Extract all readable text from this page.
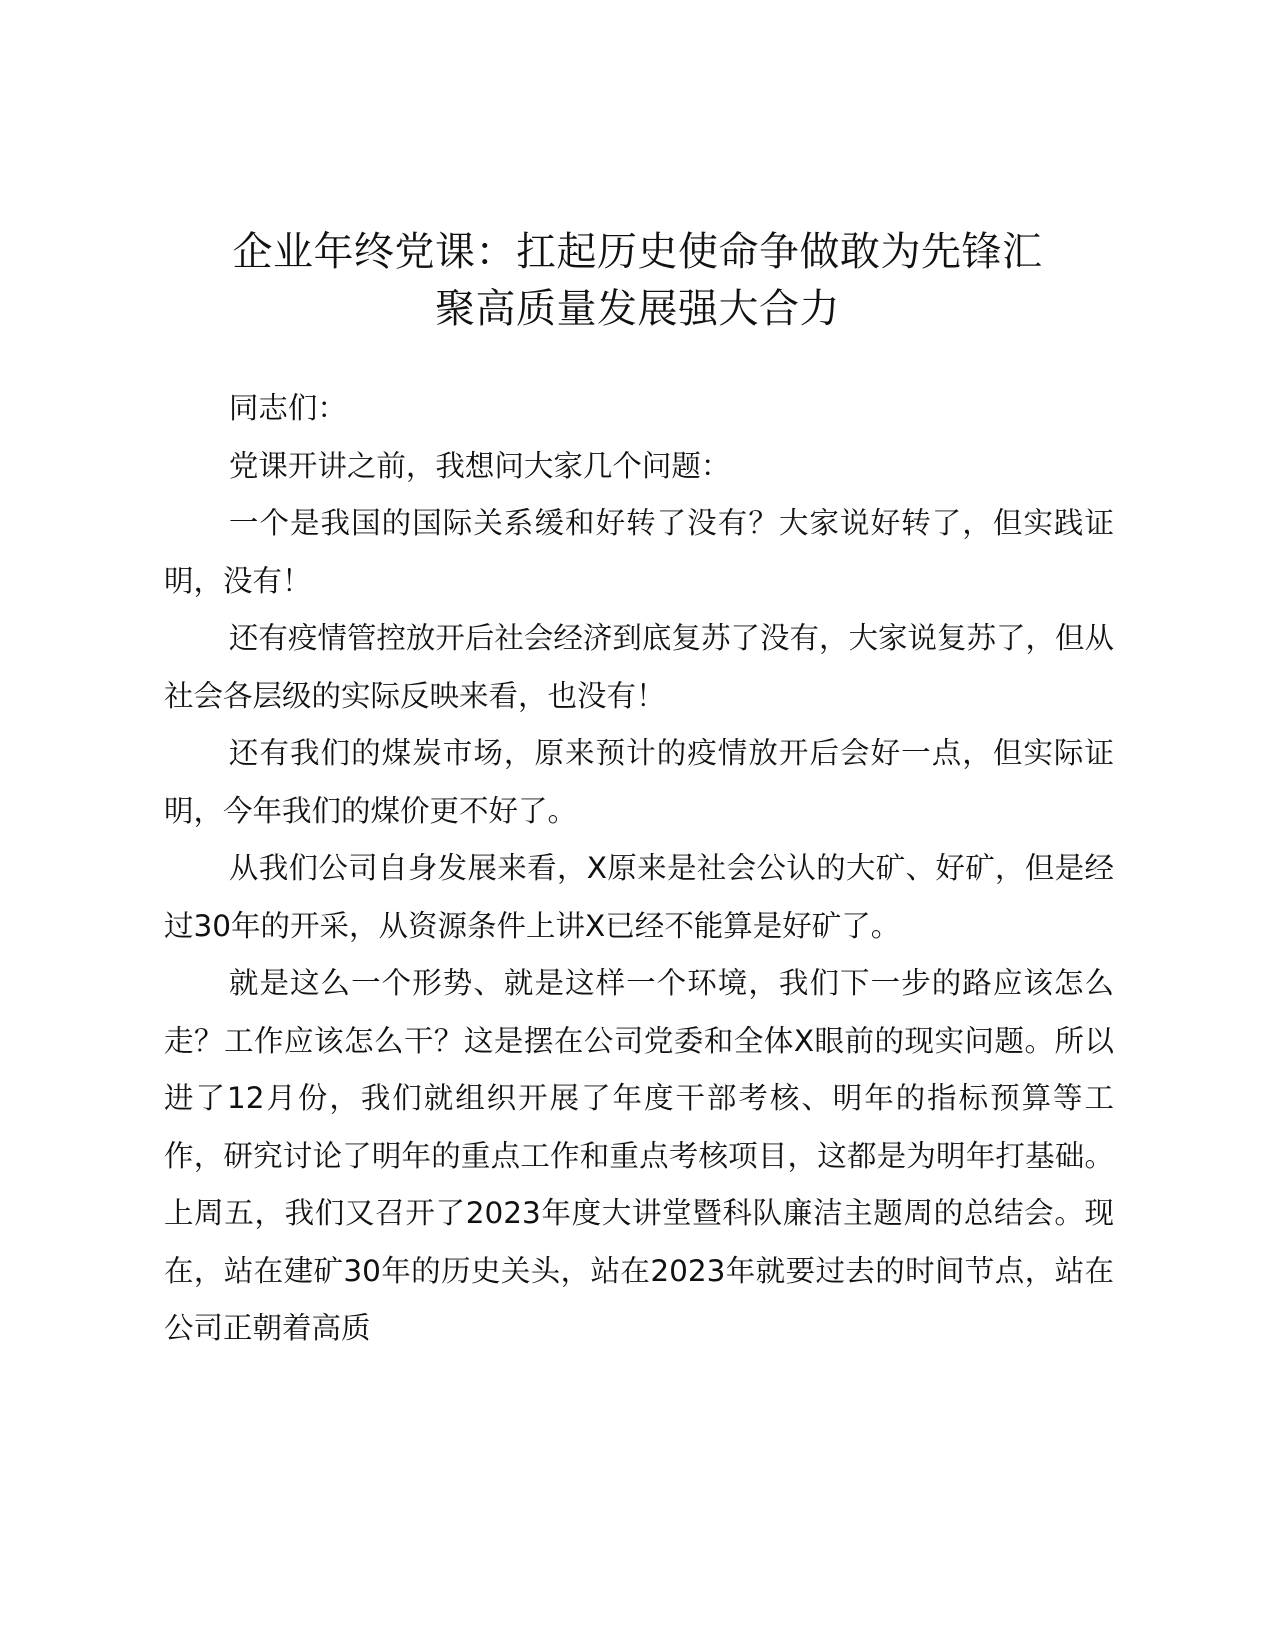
企业年终党课：扛起历史使命争做敢为先锋汇
聚高质量发展强大合力

同志们：

党课开讲之前，我想问大家几个问题：

一个是我国的国际关系缓和好转了没有？大家说好转了，但实践证明，没有！

还有疫情管控放开后社会经济到底复苏了没有，大家说复苏了，但从社会各层级的实际反映来看，也没有！

还有我们的煤炭市场，原来预计的疫情放开后会好一点，但实际证明，今年我们的煤价更不好了。

从我们公司自身发展来看，X原来是社会公认的大矿、好矿，但是经过30年的开采，从资源条件上讲X已经不能算是好矿了。

就是这么一个形势、就是这样一个环境，我们下一步的路应该怎么走？工作应该怎么干？这是摆在公司党委和全体X眼前的现实问题。所以进了12月份，我们就组织开展了年度干部考核、明年的指标预算等工作，研究讨论了明年的重点工作和重点考核项目，这都是为明年打基础。上周五，我们又召开了2023年度大讲堂暨科队廉洁主题周的总结会。现在，站在建矿30年的历史关头，站在2023年就要过去的时间节点，站在公司正朝着高质
